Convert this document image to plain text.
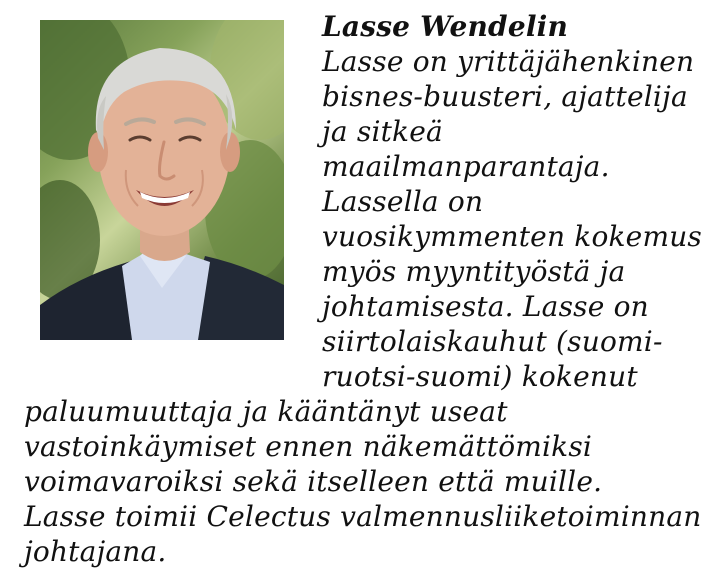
Lasse Wendelin
Lasse on yrittäjähenkinen
bisnes-buusteri, ajattelija
ja sitkeä
maailmanparantaja.
Lassella on
vuosikymmenten kokemus
myös myyntityöstä ja
johtamisesta. Lasse on
siirtolaiskauhut (suomi-
ruotsi-suomi) kokenut
paluumuuttaja ja kääntänyt useat
vastoinkäymiset ennen näkemättömiksi
voimavaroiksi sekä itselleen että muille.
Lasse toimii Celectus valmennusliiketoiminnan
johtajana.
